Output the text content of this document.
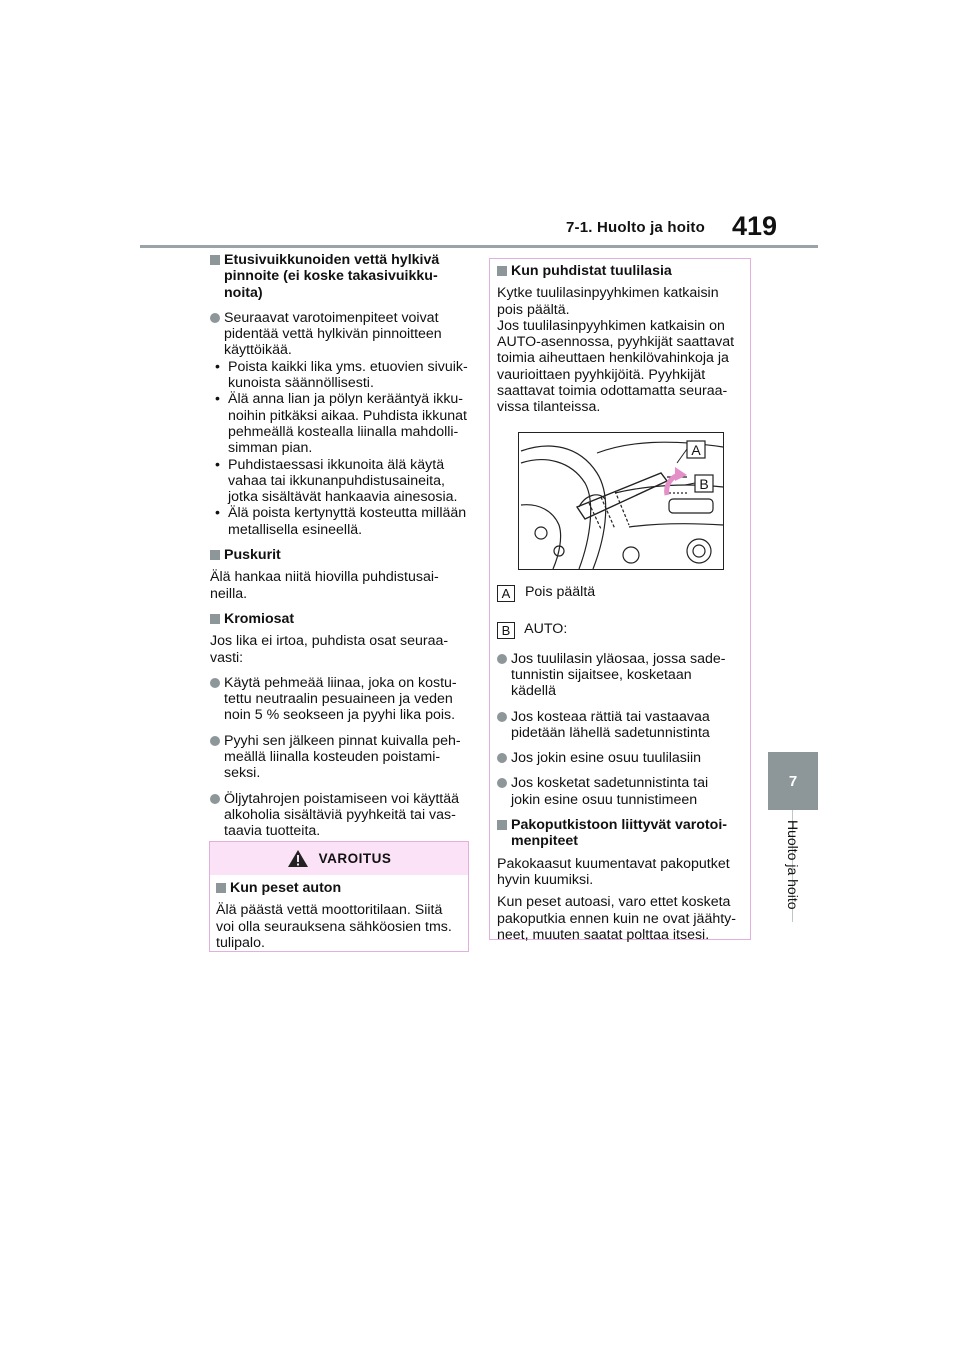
7-1. Huolto ja hoito 419
7
Huolto ja hoito

Etusivuikkunoiden vettä hylkivä

pinnoite (ei koske takasivuikku-

noita)

Seuraavat varotoimenpiteet voivat

pidentää vettä hylkivän pinnoitteen

käyttöikää.

• Poista kaikki lika yms. etuovien sivuik-

kunoista säännöllisesti.

• Älä anna lian ja pölyn kerääntyä ikku-

noihin pitkäksi aikaa. Puhdista ikkunat

pehmeällä kostealla liinalla mahdolli-

simman pian.

• Puhdistaessasi ikkunoita älä käytä

vahaa tai ikkunanpuhdistusaineita,

jotka sisältävät hankaavia ainesosia.

• Älä poista kertynyttä kosteutta millään

metallisella esineellä.

Puskurit

Älä hankaa niitä hiovilla puhdistusai-

neilla.

Kromiosat

Jos lika ei irtoa, puhdista osat seuraa-

vasti:

Käytä pehmeää liinaa, joka on kostu-

tettu neutraalin pesuaineen ja veden

noin 5 % seokseen ja pyyhi lika pois.

Pyyhi sen jälkeen pinnat kuivalla peh-

meällä liinalla kosteuden poistami-

seksi.

Öljytahrojen poistamiseen voi käyttää

alkoholia sisältäviä pyyhkeitä tai vas-

taavia tuotteita.

VAROITUS

Kun peset auton

Älä päästä vettä moottoritilaan. Siitä

voi olla seurauksena sähköosien tms.

tulipalo.

Kun puhdistat tuulilasia

Kytke tuulilasinpyyhkimen katkaisin

pois päältä.

Jos tuulilasinpyyhkimen katkaisin on

AUTO-asennossa, pyyhkijät saattavat

toimia aiheuttaen henkilövahinkoja ja

vaurioittaen pyyhkijöitä. Pyyhkijät

saattavat toimia odottamatta seuraa-

vissa tilanteissa.

A
B
A Pois päältä
B AUTO:

Jos tuulilasin yläosaa, jossa sade-

tunnistin sijaitsee, kosketaan

kädellä

Jos kosteaa rättiä tai vastaavaa

pidetään lähellä sadetunnistinta

Jos jokin esine osuu tuulilasiin

Jos kosketat sadetunnistinta tai

jokin esine osuu tunnistimeen

Pakoputkistoon liittyvät varotoi-

menpiteet

Pakokaasut kuumentavat pakoputket

hyvin kuumiksi.

Kun peset autoasi, varo ettet kosketa

pakoputkia ennen kuin ne ovat jäähty-

neet, muuten saatat polttaa itsesi.
